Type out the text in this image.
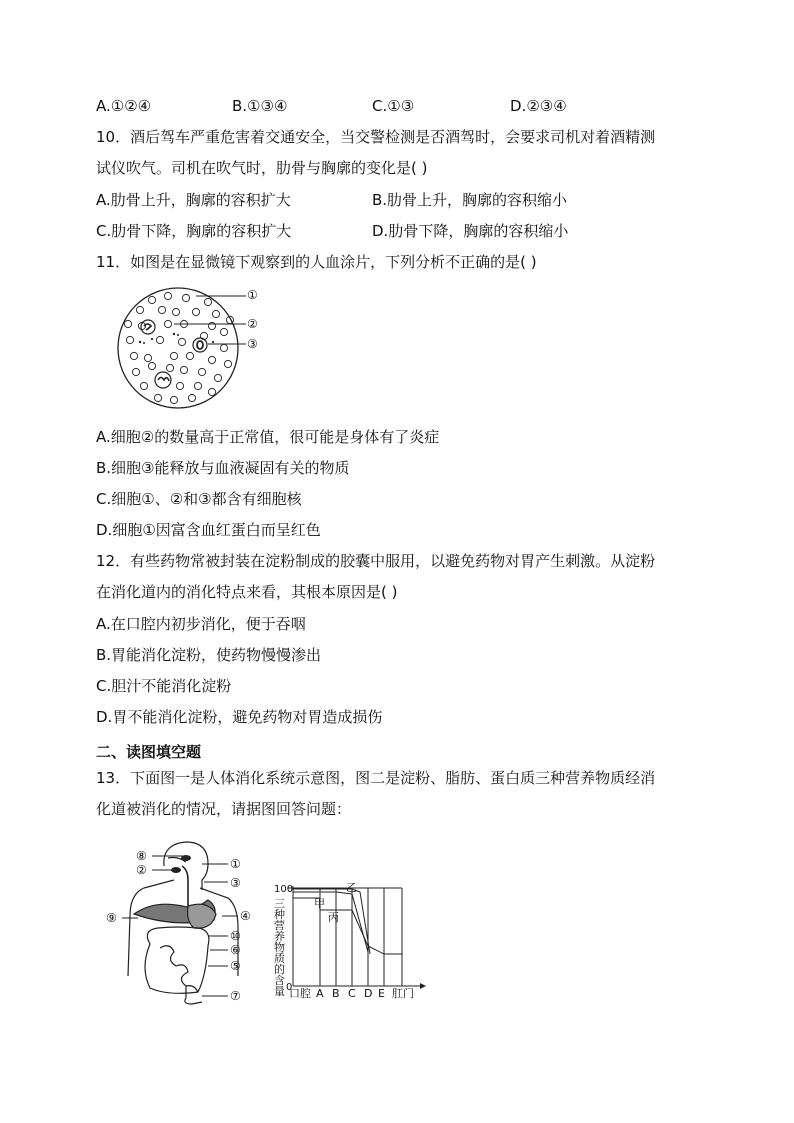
A.①②④	B.①③④	C.①③	D.②③④
10．酒后驾车严重危害着交通安全，当交警检测是否酒驾时，会要求司机对着酒精测
试仪吹气。司机在吹气时，肋骨与胸廓的变化是( )
A.肋骨上升，胸廓的容积扩大	B.肋骨上升，胸廓的容积缩小
C.肋骨下降，胸廓的容积扩大	D.肋骨下降，胸廓的容积缩小
11．如图是在显微镜下观察到的人血涂片，下列分析不正确的是( )
①
②
③
A.细胞②的数量高于正常值，很可能是身体有了炎症
B.细胞③能释放与血液凝固有关的物质
C.细胞①、②和③都含有细胞核
D.细胞①因富含血红蛋白而呈红色
12．有些药物常被封装在淀粉制成的胶囊中服用，以避免药物对胃产生刺激。从淀粉
在消化道内的消化特点来看，其根本原因是( )
A.在口腔内初步消化，便于吞咽
B.胃能消化淀粉，使药物慢慢渗出
C.胆汁不能消化淀粉
D.胃不能消化淀粉，避免药物对胃造成损伤
二、读图填空题
13．下面图一是人体消化系统示意图，图二是淀粉、脂肪、蛋白质三种营养物质经消
化道被消化的情况，请据图回答问题：
⑧
①
②
③
⑨	④
⑩
⑥
⑤
⑦
100
0
三种营养物质的含量
甲
乙
丙
口腔 A B C D E 肛门
